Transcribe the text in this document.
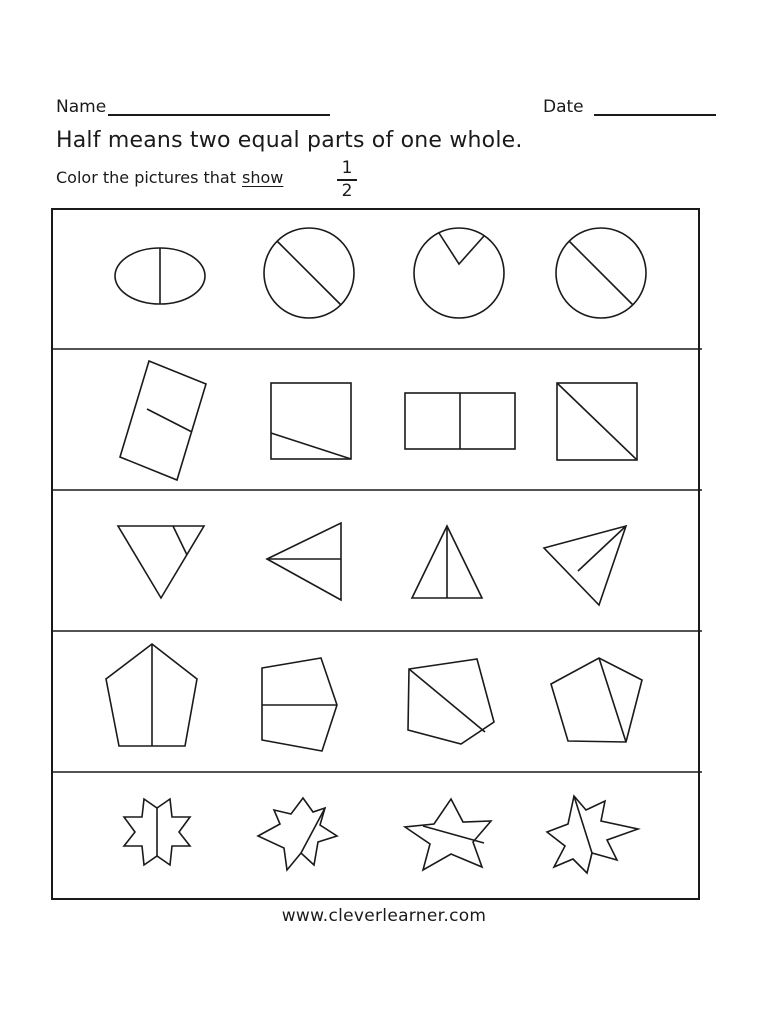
Name	Date
Half means two equal parts of one whole.
Color the pictures that show	1
2
www.cleverlearner.com
